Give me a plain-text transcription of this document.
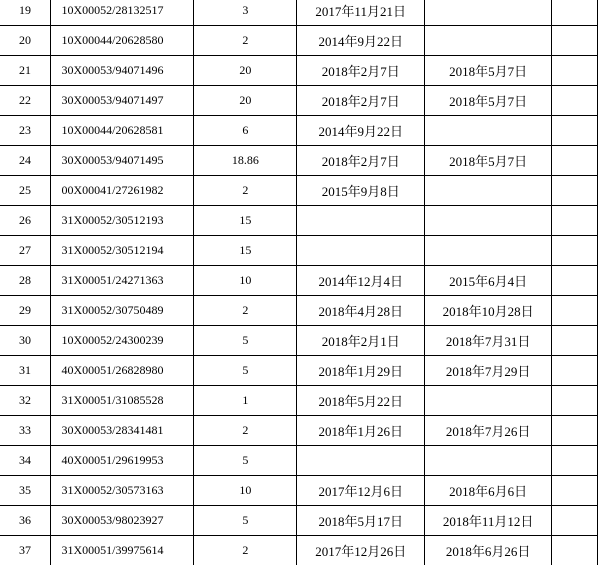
19	10X00052/28132517	3	2017年11月21日		
20	10X00044/20628580	2	2014年9月22日		
21	30X00053/94071496	20	2018年2月7日	2018年5月7日	
22	30X00053/94071497	20	2018年2月7日	2018年5月7日	
23	10X00044/20628581	6	2014年9月22日		
24	30X00053/94071495	18.86	2018年2月7日	2018年5月7日	
25	00X00041/27261982	2	2015年9月8日		
26	31X00052/30512193	15			
27	31X00052/30512194	15			
28	31X00051/24271363	10	2014年12月4日	2015年6月4日	
29	31X00052/30750489	2	2018年4月28日	2018年10月28日	
30	10X00052/24300239	5	2018年2月1日	2018年7月31日	
31	40X00051/26828980	5	2018年1月29日	2018年7月29日	
32	31X00051/31085528	1	2018年5月22日		
33	30X00053/28341481	2	2018年1月26日	2018年7月26日	
34	40X00051/29619953	5			
35	31X00052/30573163	10	2017年12月6日	2018年6月6日	
36	30X00053/98023927	5	2018年5月17日	2018年11月12日	
37	31X00051/39975614	2	2017年12月26日	2018年6月26日	
